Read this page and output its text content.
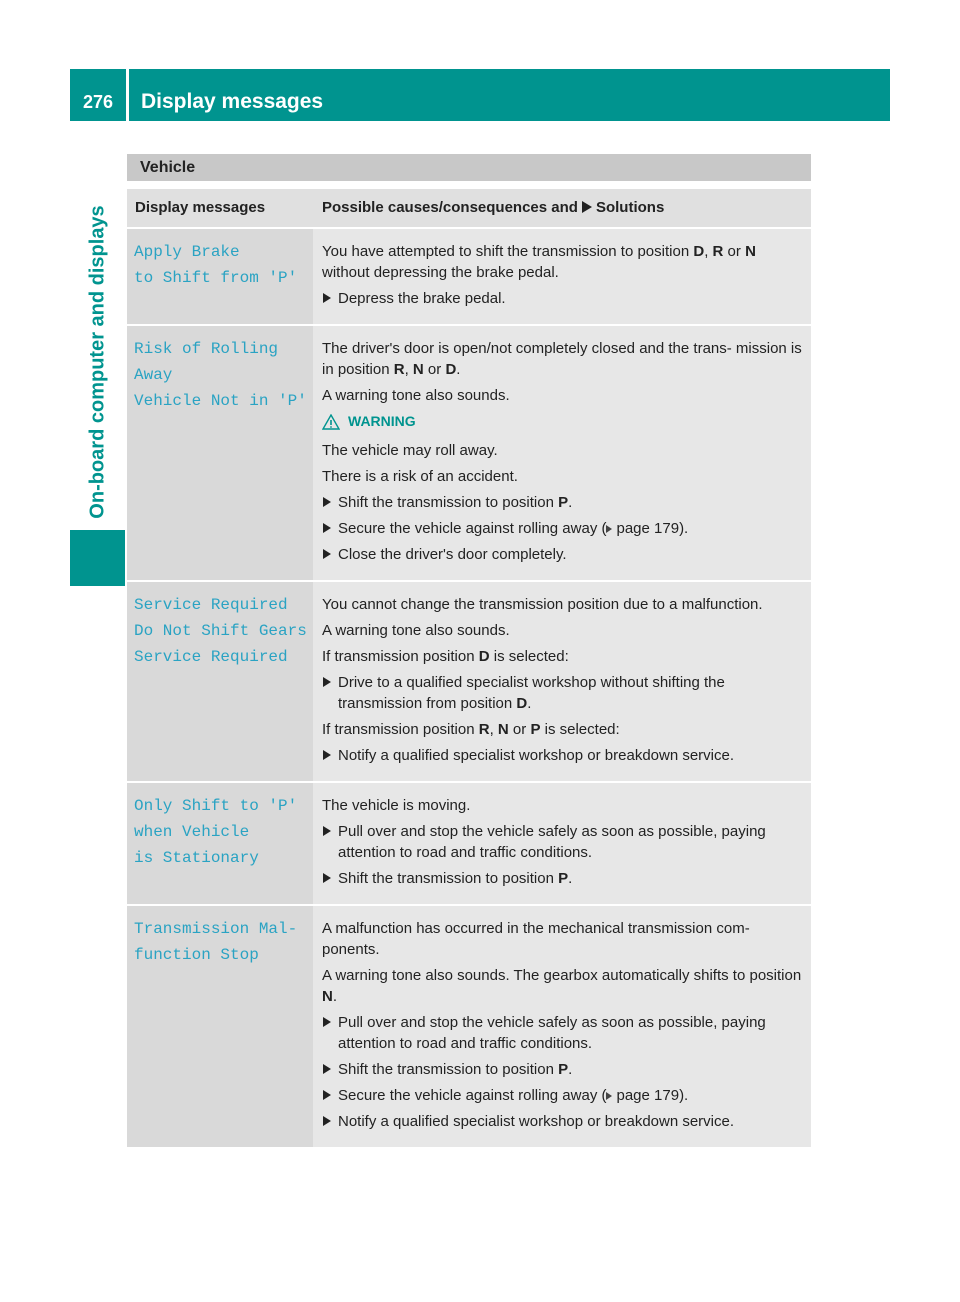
276	Display messages
On-board computer and displays
Vehicle
Display messages	Possible causes/consequences and Solutions
Apply Brake
to Shift from 'P'
You have attempted to shift the transmission to position D, R or N without depressing the brake pedal.
Depress the brake pedal.
Risk of Rolling
Away
Vehicle Not in 'P'
The driver's door is open/not completely closed and the trans- mission is in position R, N or D.
A warning tone also sounds.
WARNING
The vehicle may roll away.
There is a risk of an accident.
Shift the transmission to position P.
Secure the vehicle against rolling away ( page 179).
Close the driver's door completely.
Service Required
Do Not Shift Gears
Service Required
You cannot change the transmission position due to a malfunction.
A warning tone also sounds.
If transmission position D is selected:
Drive to a qualified specialist workshop without shifting the transmission from position D.
If transmission position R, N or P is selected:
Notify a qualified specialist workshop or breakdown service.
Only Shift to 'P'
when Vehicle
is Stationary
The vehicle is moving.
Pull over and stop the vehicle safely as soon as possible, paying attention to road and traffic conditions.
Shift the transmission to position P.
Transmission Mal‐
function Stop
A malfunction has occurred in the mechanical transmission com- ponents.
A warning tone also sounds. The gearbox automatically shifts to position N.
Pull over and stop the vehicle safely as soon as possible, paying attention to road and traffic conditions.
Shift the transmission to position P.
Secure the vehicle against rolling away ( page 179).
Notify a qualified specialist workshop or breakdown service.
